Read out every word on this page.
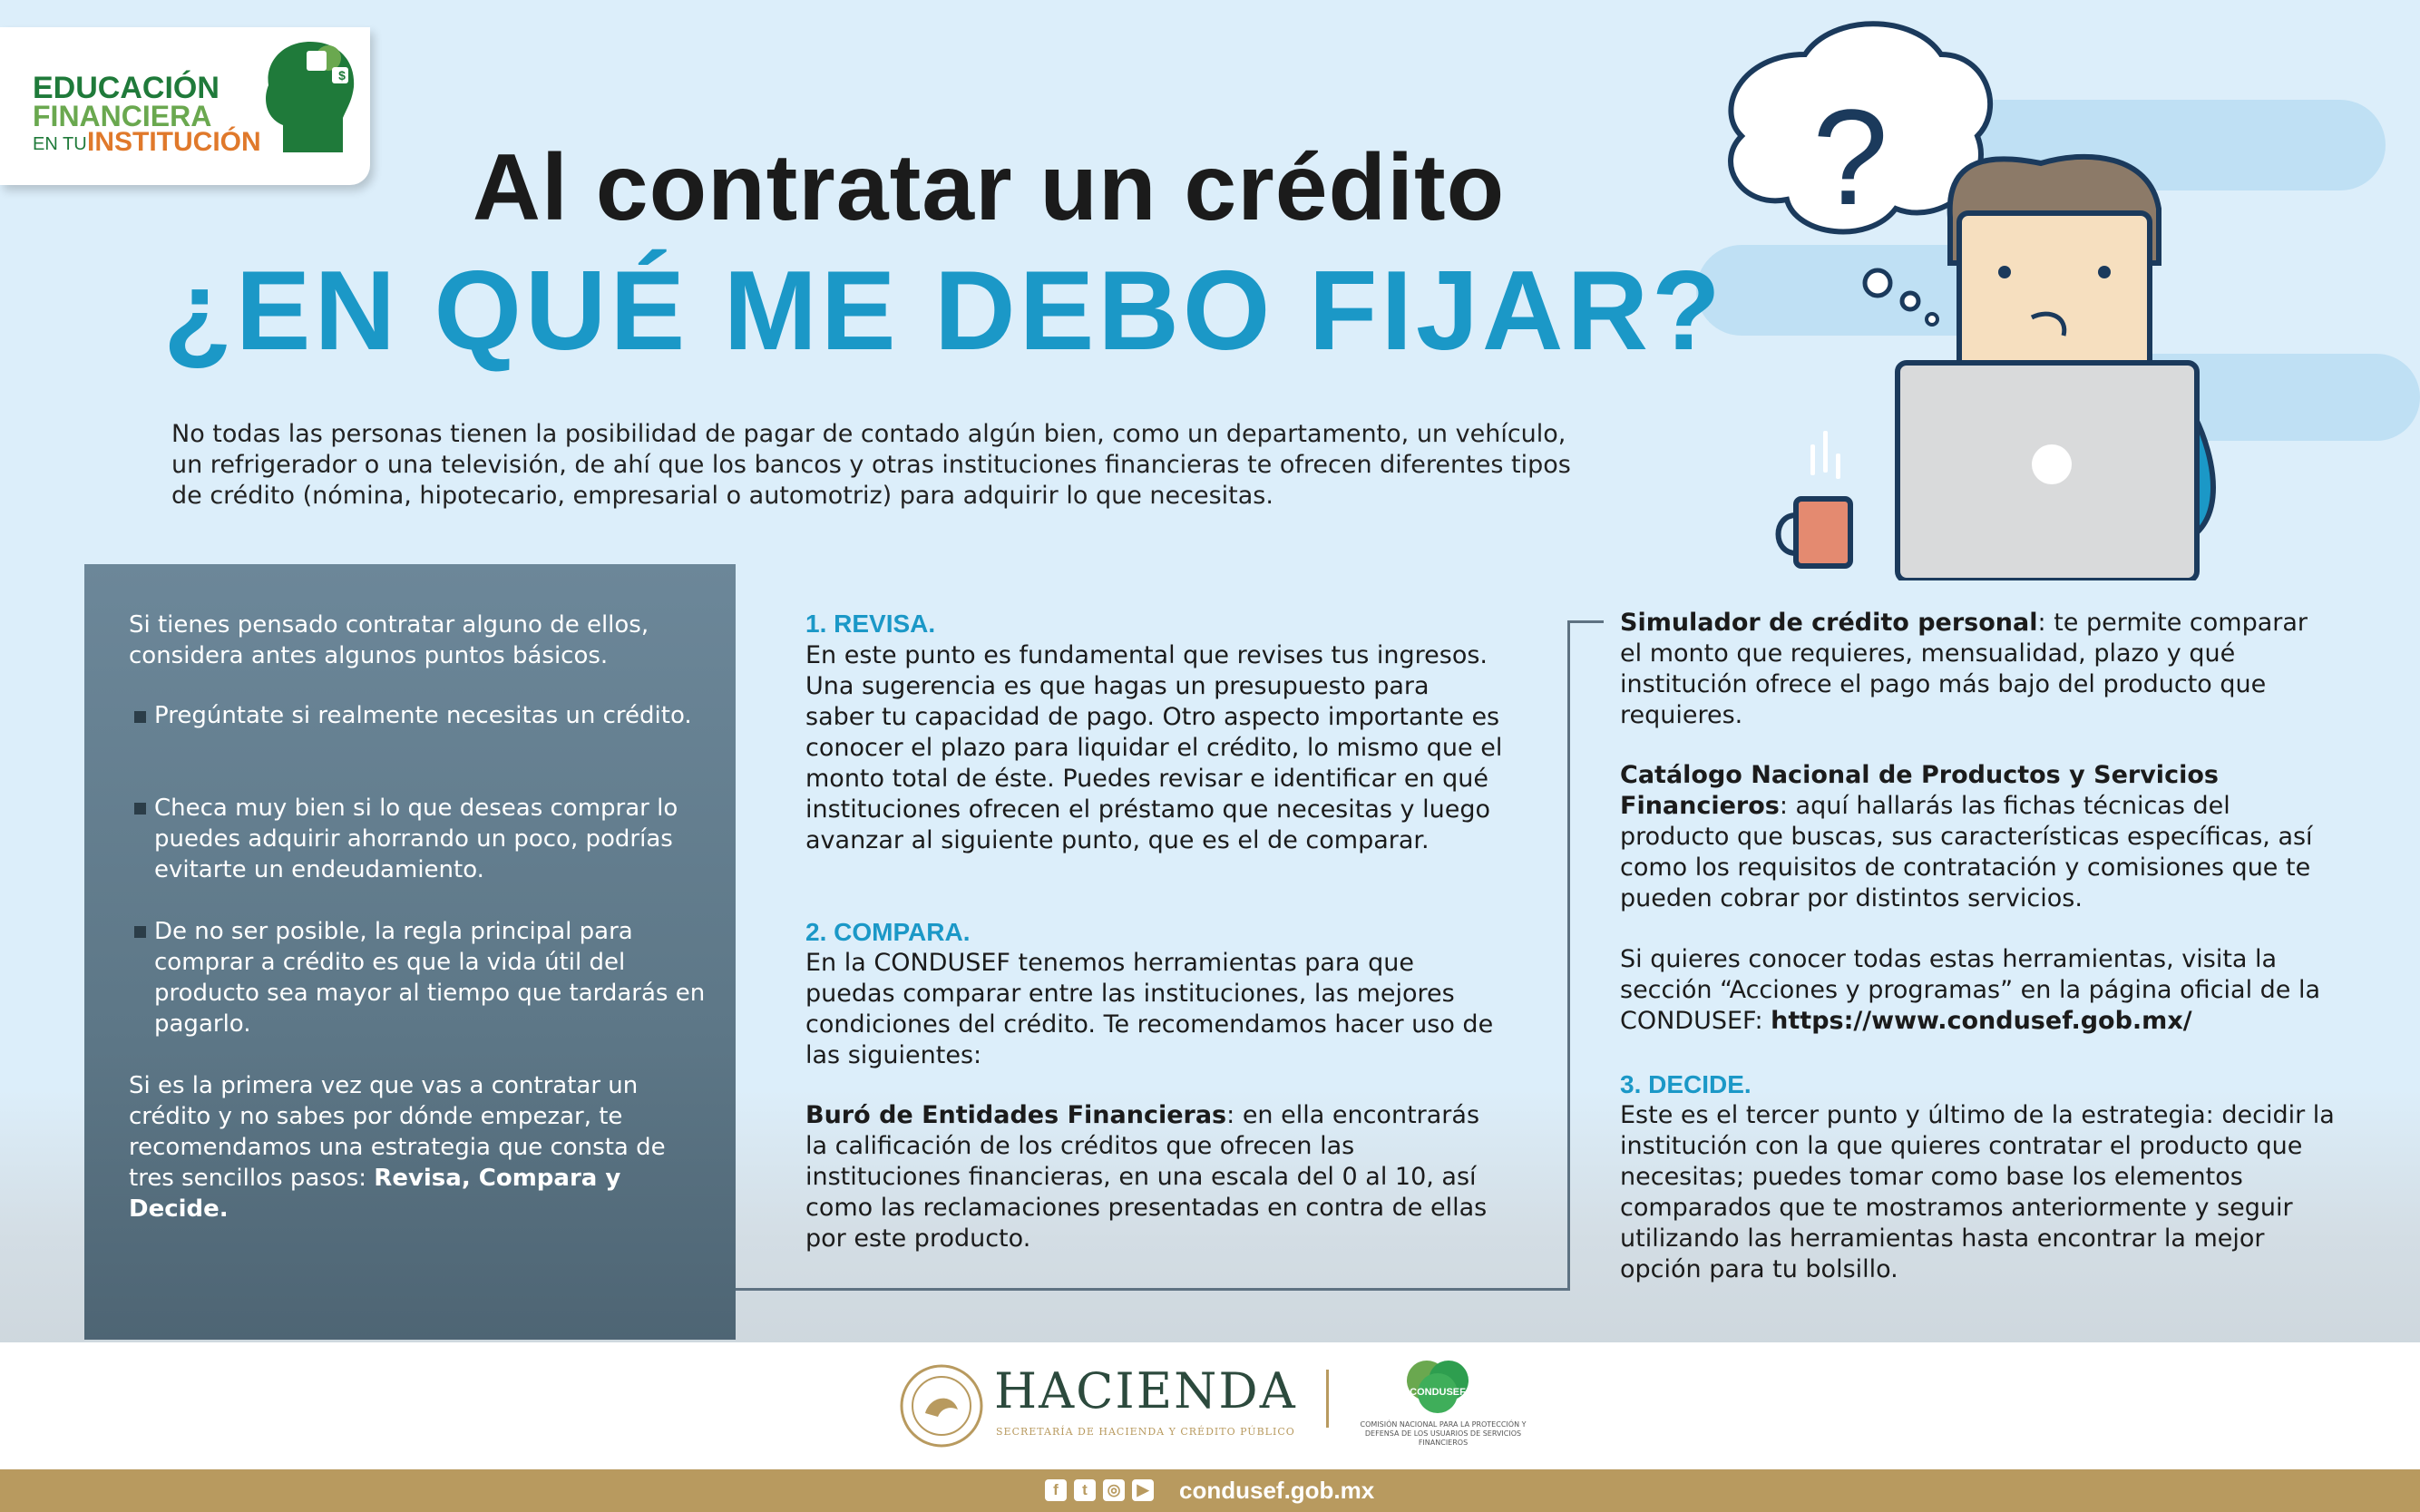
EDUCACIÓN
FINANCIERA
EN TU INSTITUCIÓN
$
Al contratar un crédito
¿EN QUÉ ME DEBO FIJAR?
?
No todas las personas tienen la posibilidad de pagar de contado algún bien, como un departamento, un vehículo, un refrigerador o una televisión, de ahí que los bancos y otras instituciones financieras te ofrecen diferentes tipos de crédito (nómina, hipotecario, empresarial o automotriz) para adquirir lo que necesitas.
Si tienes pensado contratar alguno de ellos, considera antes algunos puntos básicos.
Pregúntate si realmente necesitas un crédito.
Checa muy bien si lo que deseas comprar lo puedes adquirir ahorrando un poco, podrías evitarte un endeudamiento.
De no ser posible, la regla principal para comprar a crédito es que la vida útil del producto sea mayor al tiempo que tardarás en pagarlo.
Si es la primera vez que vas a contratar un crédito y no sabes por dónde empezar, te recomendamos una estrategia que consta de tres sencillos pasos: Revisa, Compara y Decide.
1. REVISA.
En este punto es fundamental que revises tus ingresos. Una sugerencia es que hagas un presupuesto para saber tu capacidad de pago. Otro aspecto importante es conocer el plazo para liquidar el crédito, lo mismo que el monto total de éste. Puedes revisar e identificar en qué instituciones ofrecen el préstamo que necesitas y luego avanzar al siguiente punto, que es el de comparar.
2. COMPARA.
En la CONDUSEF tenemos herramientas para que puedas comparar entre las instituciones, las mejores condiciones del crédito. Te recomendamos hacer uso de las siguientes:
Buró de Entidades Financieras: en ella encontrarás la calificación de los créditos que ofrecen las instituciones financieras, en una escala del 0 al 10, así como las reclamaciones presentadas en contra de ellas por este producto.
Simulador de crédito personal: te permite comparar el monto que requieres, mensualidad, plazo y qué institución ofrece el pago más bajo del producto que requieres.
Catálogo Nacional de Productos y Servicios Financieros: aquí hallarás las fichas técnicas del producto que buscas, sus características específicas, así como los requisitos de contratación y comisiones que te pueden cobrar por distintos servicios.
Si quieres conocer todas estas herramientas, visita la sección “Acciones y programas” en la página oficial de la CONDUSEF: https://www.condusef.gob.mx/
3. DECIDE.
Este es el tercer punto y último de la estrategia: decidir la institución con la que quieres contratar el producto que necesitas; puedes tomar como base los elementos comparados que te mostramos anteriormente y seguir utilizando las herramientas hasta encontrar la mejor opción para tu bolsillo.
HACIENDA
SECRETARÍA DE HACIENDA Y CRÉDITO PÚBLICO
CONDUSEF
COMISIÓN NACIONAL PARA LA PROTECCIÓN Y DEFENSA DE LOS USUARIOS DE SERVICIOS FINANCIEROS
f	t	◎	▶ condusef.gob.mx
